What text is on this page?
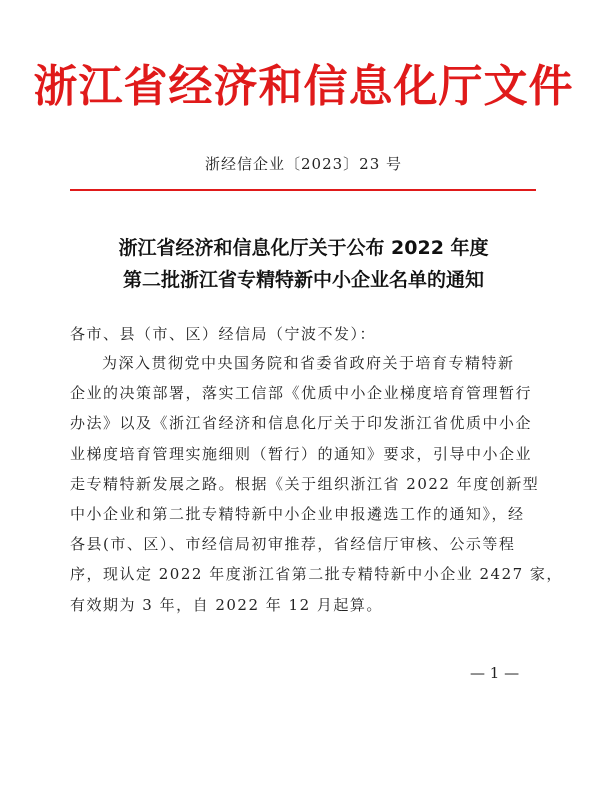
浙江省经济和信息化厅文件
浙经信企业〔2023〕23 号
浙江省经济和信息化厅关于公布 2022 年度
第二批浙江省专精特新中小企业名单的通知
各市、县（市、区）经信局（宁波不发）：
为深入贯彻党中央国务院和省委省政府关于培育专精特新
企业的决策部署，落实工信部《优质中小企业梯度培育管理暂行
办法》以及《浙江省经济和信息化厅关于印发浙江省优质中小企
业梯度培育管理实施细则（暂行）的通知》要求，引导中小企业
走专精特新发展之路。根据《关于组织浙江省 2022 年度创新型
中小企业和第二批专精特新中小企业申报遴选工作的通知》，经
各县(市、区）、市经信局初审推荐，省经信厅审核、公示等程
序，现认定 2022 年度浙江省第二批专精特新中小企业 2427 家，
有效期为 3 年，自 2022 年 12 月起算。
— 1 —
